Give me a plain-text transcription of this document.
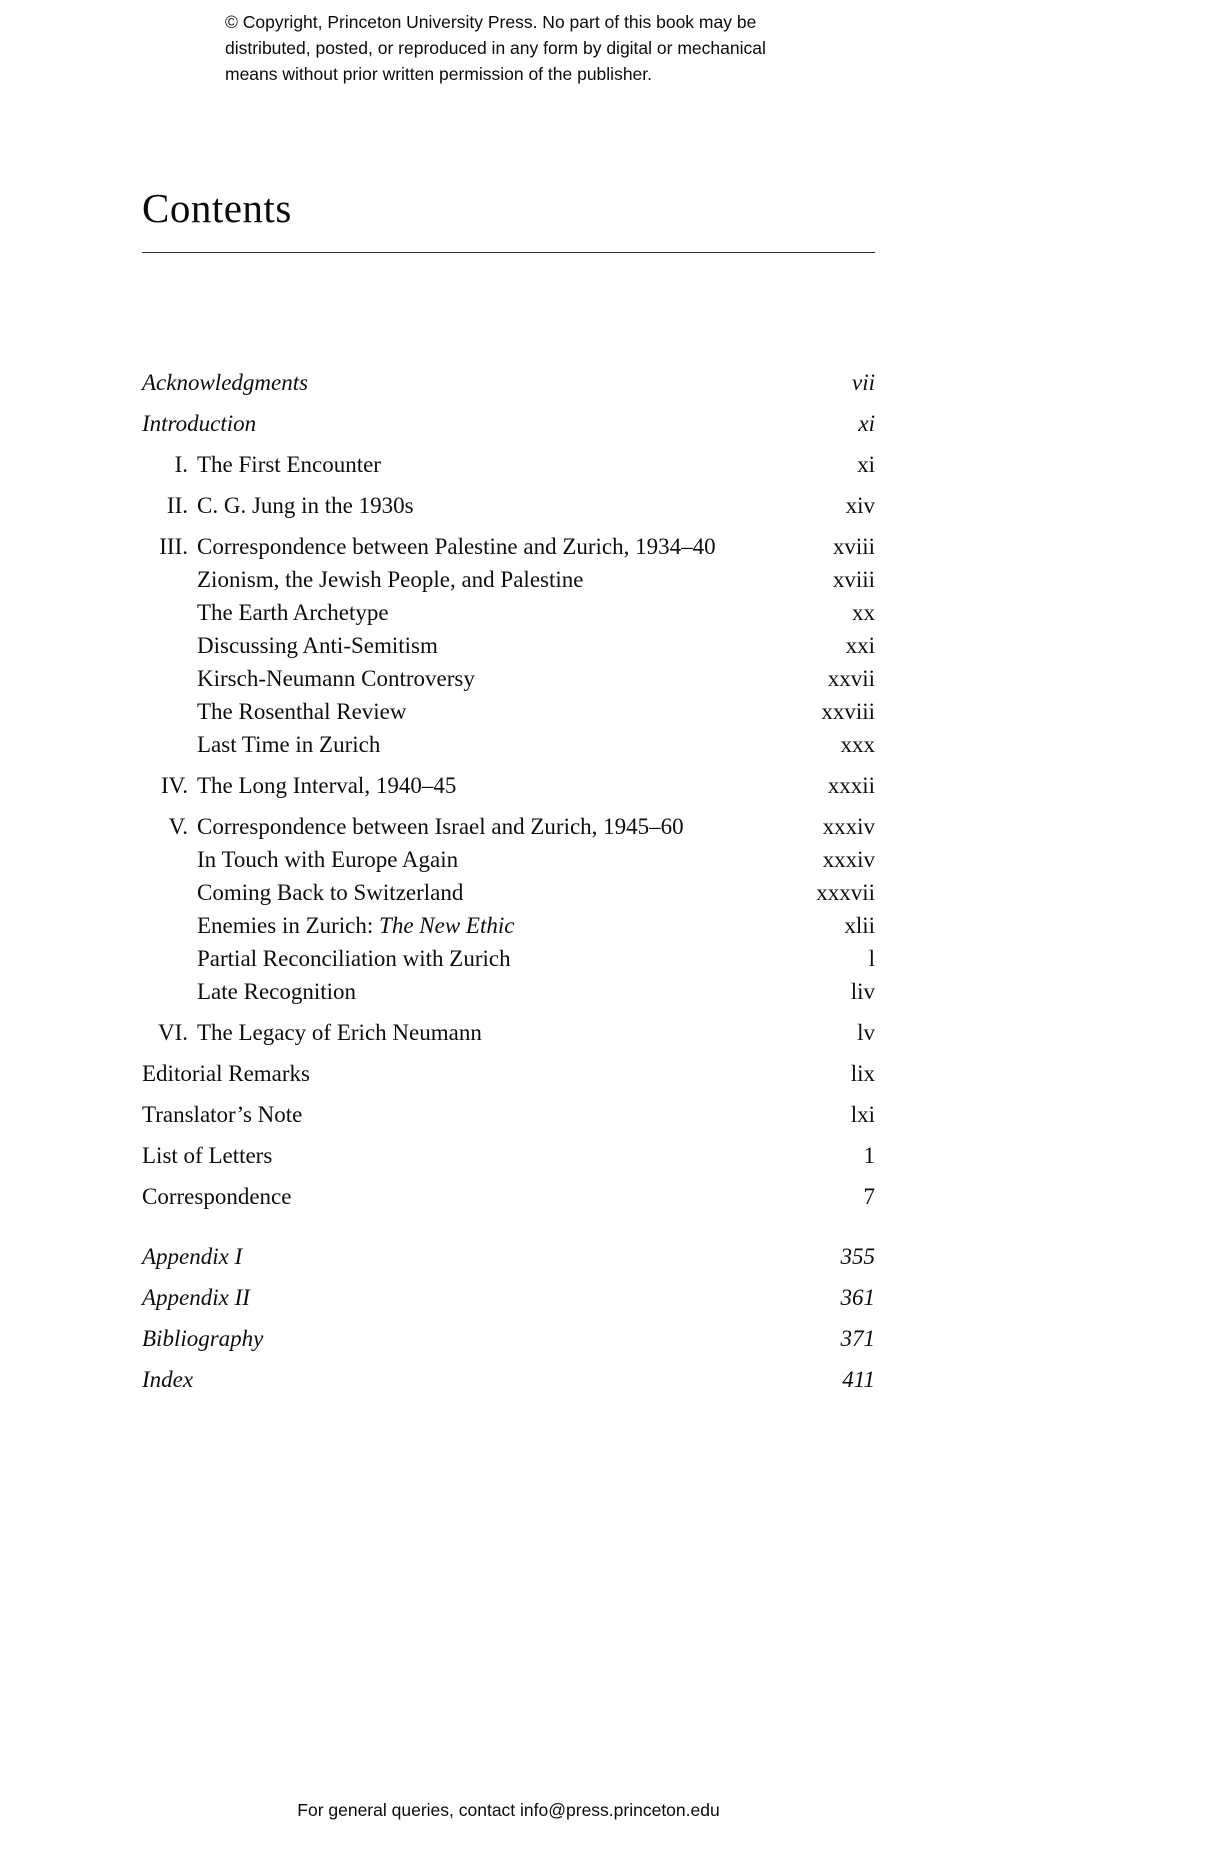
© Copyright, Princeton University Press. No part of this book may be
distributed, posted, or reproduced in any form by digital or mechanical
means without prior written permission of the publisher.
Contents
Acknowledgments	vii
Introduction	xi
I. The First Encounter	xi
II. C. G. Jung in the 1930s	xiv
III. Correspondence between Palestine and Zurich, 1934–40	xviii
Zionism, the Jewish People, and Palestine	xviii
The Earth Archetype	xx
Discussing Anti-Semitism	xxi
Kirsch-Neumann Controversy	xxvii
The Rosenthal Review	xxviii
Last Time in Zurich	xxx
IV. The Long Interval, 1940–45	xxxii
V. Correspondence between Israel and Zurich, 1945–60	xxxiv
In Touch with Europe Again	xxxiv
Coming Back to Switzerland	xxxvii
Enemies in Zurich: The New Ethic	xlii
Partial Reconciliation with Zurich	l
Late Recognition	liv
VI. The Legacy of Erich Neumann	lv
Editorial Remarks	lix
Translator’s Note	lxi
List of Letters	1
Correspondence	7
Appendix I	355
Appendix II	361
Bibliography	371
Index	411
For general queries, contact info@press.princeton.edu
